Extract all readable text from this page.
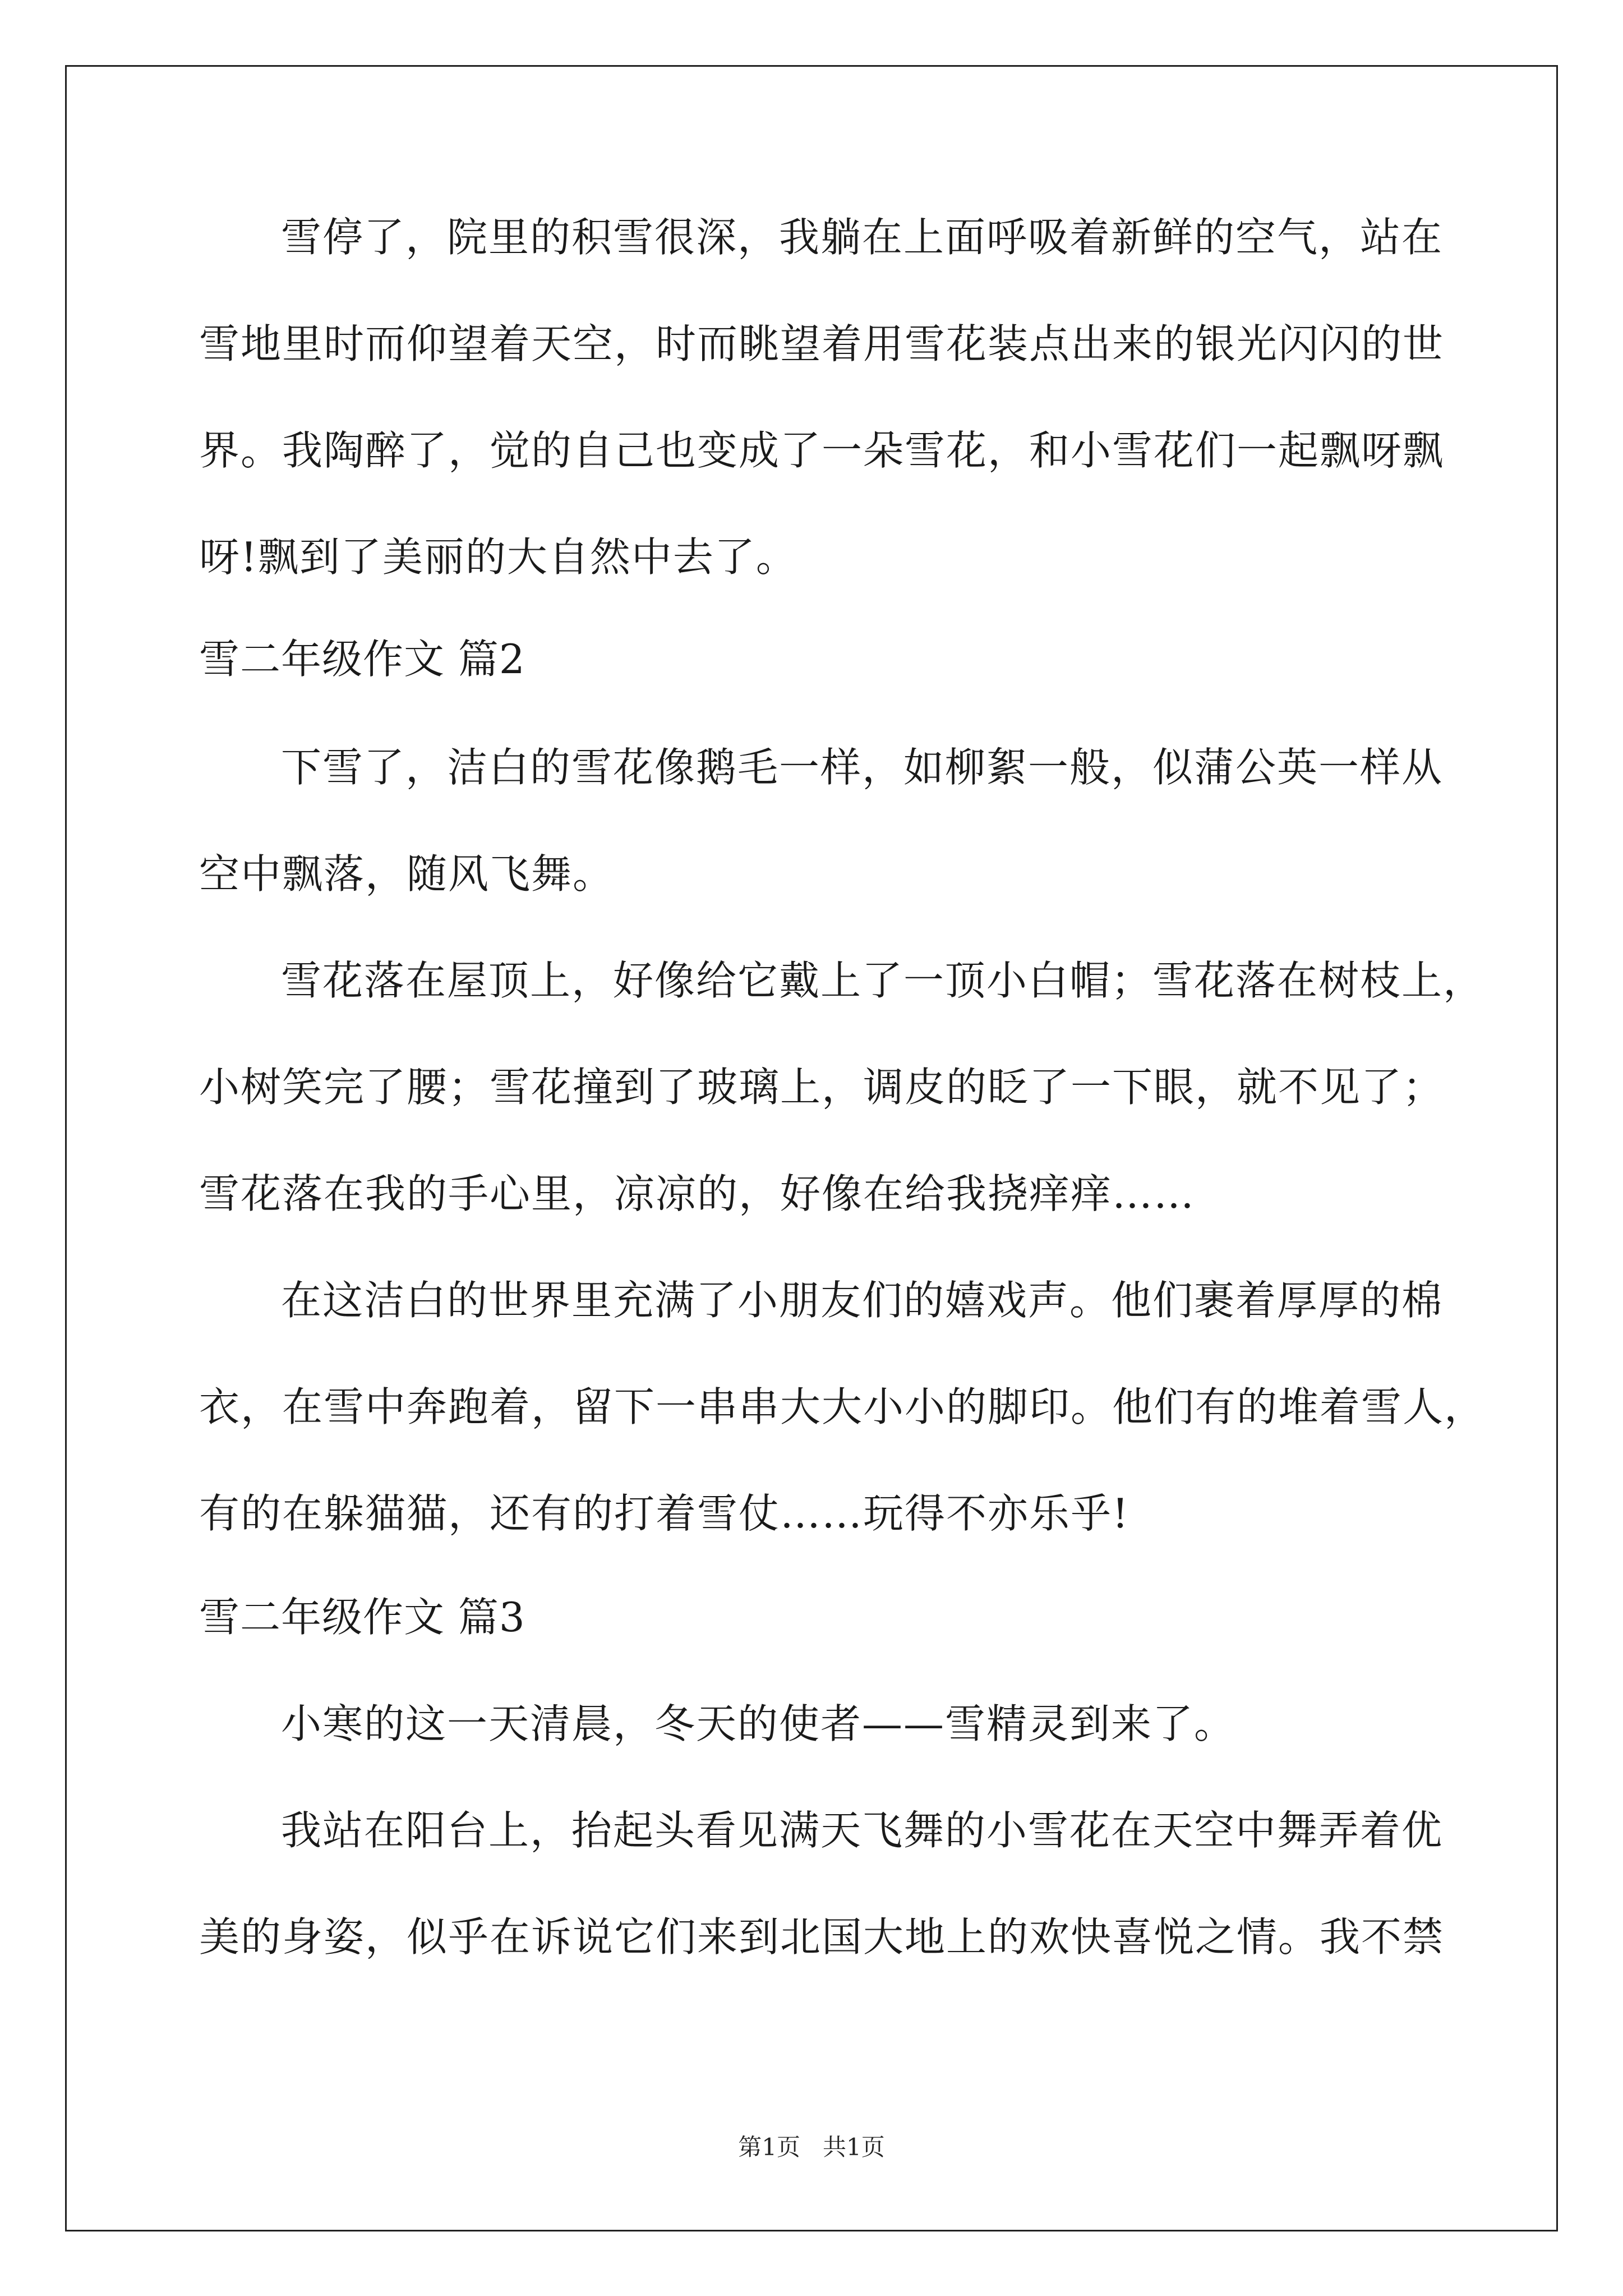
雪停了，院里的积雪很深，我躺在上面呼吸着新鲜的空气，站在
雪地里时而仰望着天空，时而眺望着用雪花装点出来的银光闪闪的世
界。我陶醉了，觉的自己也变成了一朵雪花，和小雪花们一起飘呀飘
呀!飘到了美丽的大自然中去了。
雪二年级作文 篇2
下雪了，洁白的雪花像鹅毛一样，如柳絮一般，似蒲公英一样从
空中飘落，随风飞舞。
雪花落在屋顶上，好像给它戴上了一顶小白帽；雪花落在树枝上，
小树笑完了腰；雪花撞到了玻璃上，调皮的眨了一下眼，就不见了；
雪花落在我的手心里，凉凉的，好像在给我挠痒痒……
在这洁白的世界里充满了小朋友们的嬉戏声。他们裹着厚厚的棉
衣，在雪中奔跑着，留下一串串大大小小的脚印。他们有的堆着雪人，
有的在躲猫猫，还有的打着雪仗……玩得不亦乐乎!
雪二年级作文 篇3
小寒的这一天清晨，冬天的使者——雪精灵到来了。
我站在阳台上，抬起头看见满天飞舞的小雪花在天空中舞弄着优
美的身姿，似乎在诉说它们来到北国大地上的欢快喜悦之情。我不禁
第1页   共1页
